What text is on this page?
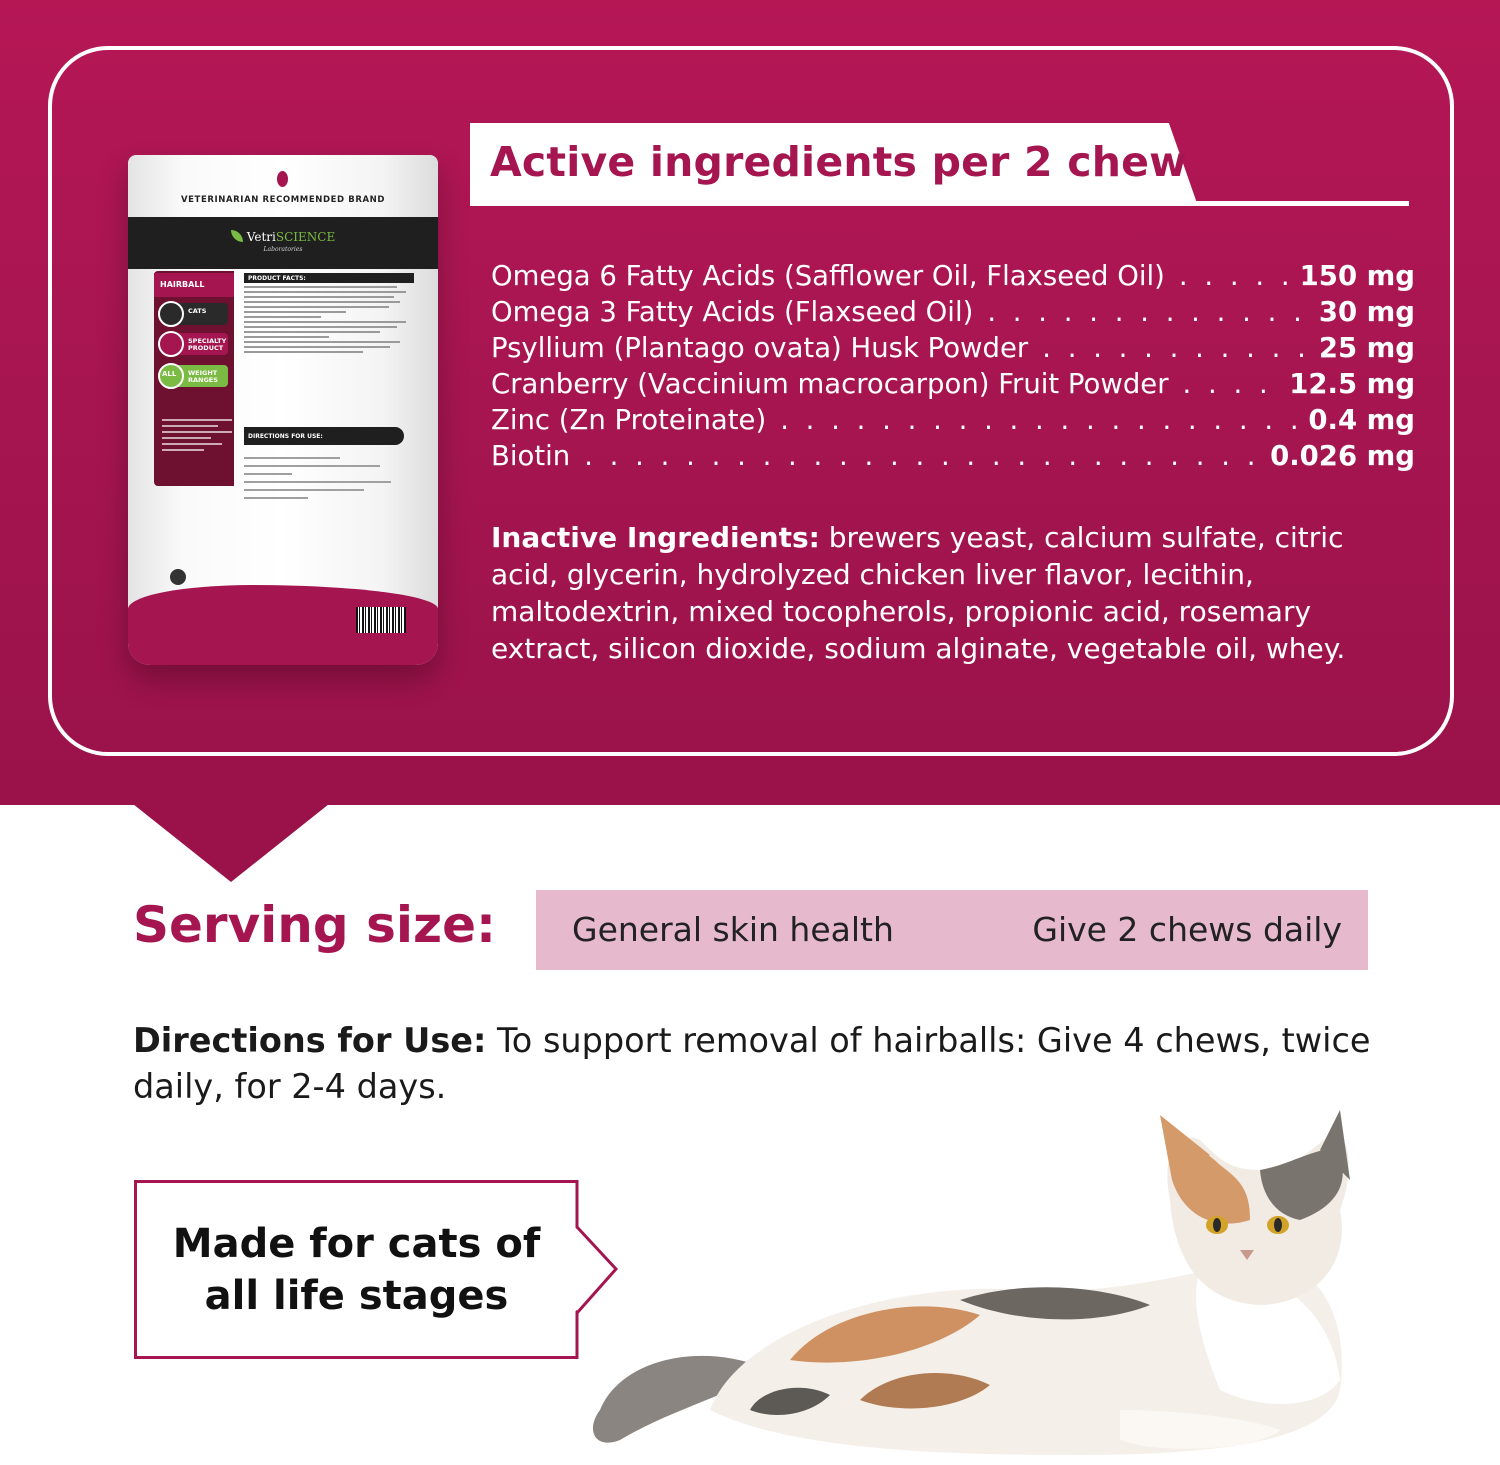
VETERINARIAN RECOMMENDED BRAND
VetriSCIENCE
Laboratories
HAIRBALL
CATS
SPECIALTY PRODUCT
ALL WEIGHT RANGES
PRODUCT FACTS:
DIRECTIONS FOR USE:
Active ingredients per 2 chew
Omega 6 Fatty Acids (Safflower Oil, Flaxseed Oil) . . .	150 mg
Omega 3 Fatty Acids (Flaxseed Oil) . . .	30 mg
Psyllium (Plantago ovata) Husk Powder . . .	25 mg
Cranberry (Vaccinium macrocarpon) Fruit Powder . . .	12.5 mg
Zinc (Zn Proteinate) . . .	0.4 mg
Biotin . . .	0.026 mg
Inactive Ingredients: brewers yeast, calcium sulfate, citric acid, glycerin, hydrolyzed chicken liver flavor, lecithin, maltodextrin, mixed tocopherols, propionic acid, rosemary extract, silicon dioxide, sodium alginate, vegetable oil, whey.
Serving size: General skin health	Give 2 chews daily
Directions for Use: To support removal of hairballs: Give 4 chews, twice daily, for 2-4 days.
Made for cats of
all life stages
